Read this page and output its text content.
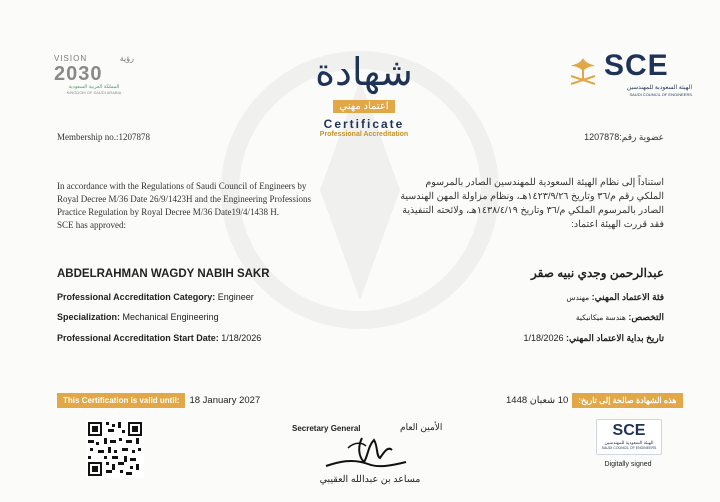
VISION	رؤية
2030
المملكة العربية السعودية
KINGDOM OF SAUDI ARABIA	شهادة
اعتماد مهني
Certificate
Professional Accreditation
SCE
الهيئة السعودية للمهندسين
SAUDI COUNCIL OF ENGINEERS
Membership no.:1207878	عضوية رقم:1207878
In accordance with the Regulations of Saudi Council of Engineers by
Royal Decree M/36 Date 26/9/1423H and the Engineering Professions
Practice Regulation by Royal Decree M/36 Date19/4/1438 H.
SCE has approved:
استناداً إلى نظام الهيئة السعودية للمهندسين الصادر بالمرسوم
الملكي رقم م/٣٦ وتاريخ ١٤٢٣/٩/٢٦هـ، ونظام مزاولة المهن الهندسية
الصادر بالمرسوم الملكي م/٣٦ وتاريخ ١٤٣٨/٤/١٩هـ، ولائحته التنفيذية
فقد قررت الهيئة اعتماد:
ABDELRAHMAN WAGDY NABIH SAKR	عبدالرحمن وجدي نبيه صقر
Professional Accreditation Category: Engineer
Specialization: Mechanical Engineering
Professional Accreditation Start Date: 1/18/2026
فئة الاعتماد المهني: مهندس
التخصص: هندسة ميكانيكية
تاريخ بداية الاعتماد المهني: 1/18/2026
This Certification is valid until:	18 January 2027	هذه الشهادة صالحة إلى تاريخ:
10 شعبان 1448
Secretary General	الأمين العام
مساعد بن عبدالله العقيبي
SCE
الهيئة السعودية للمهندسين
SAUDI COUNCIL OF ENGINEERS
Digitally signed
